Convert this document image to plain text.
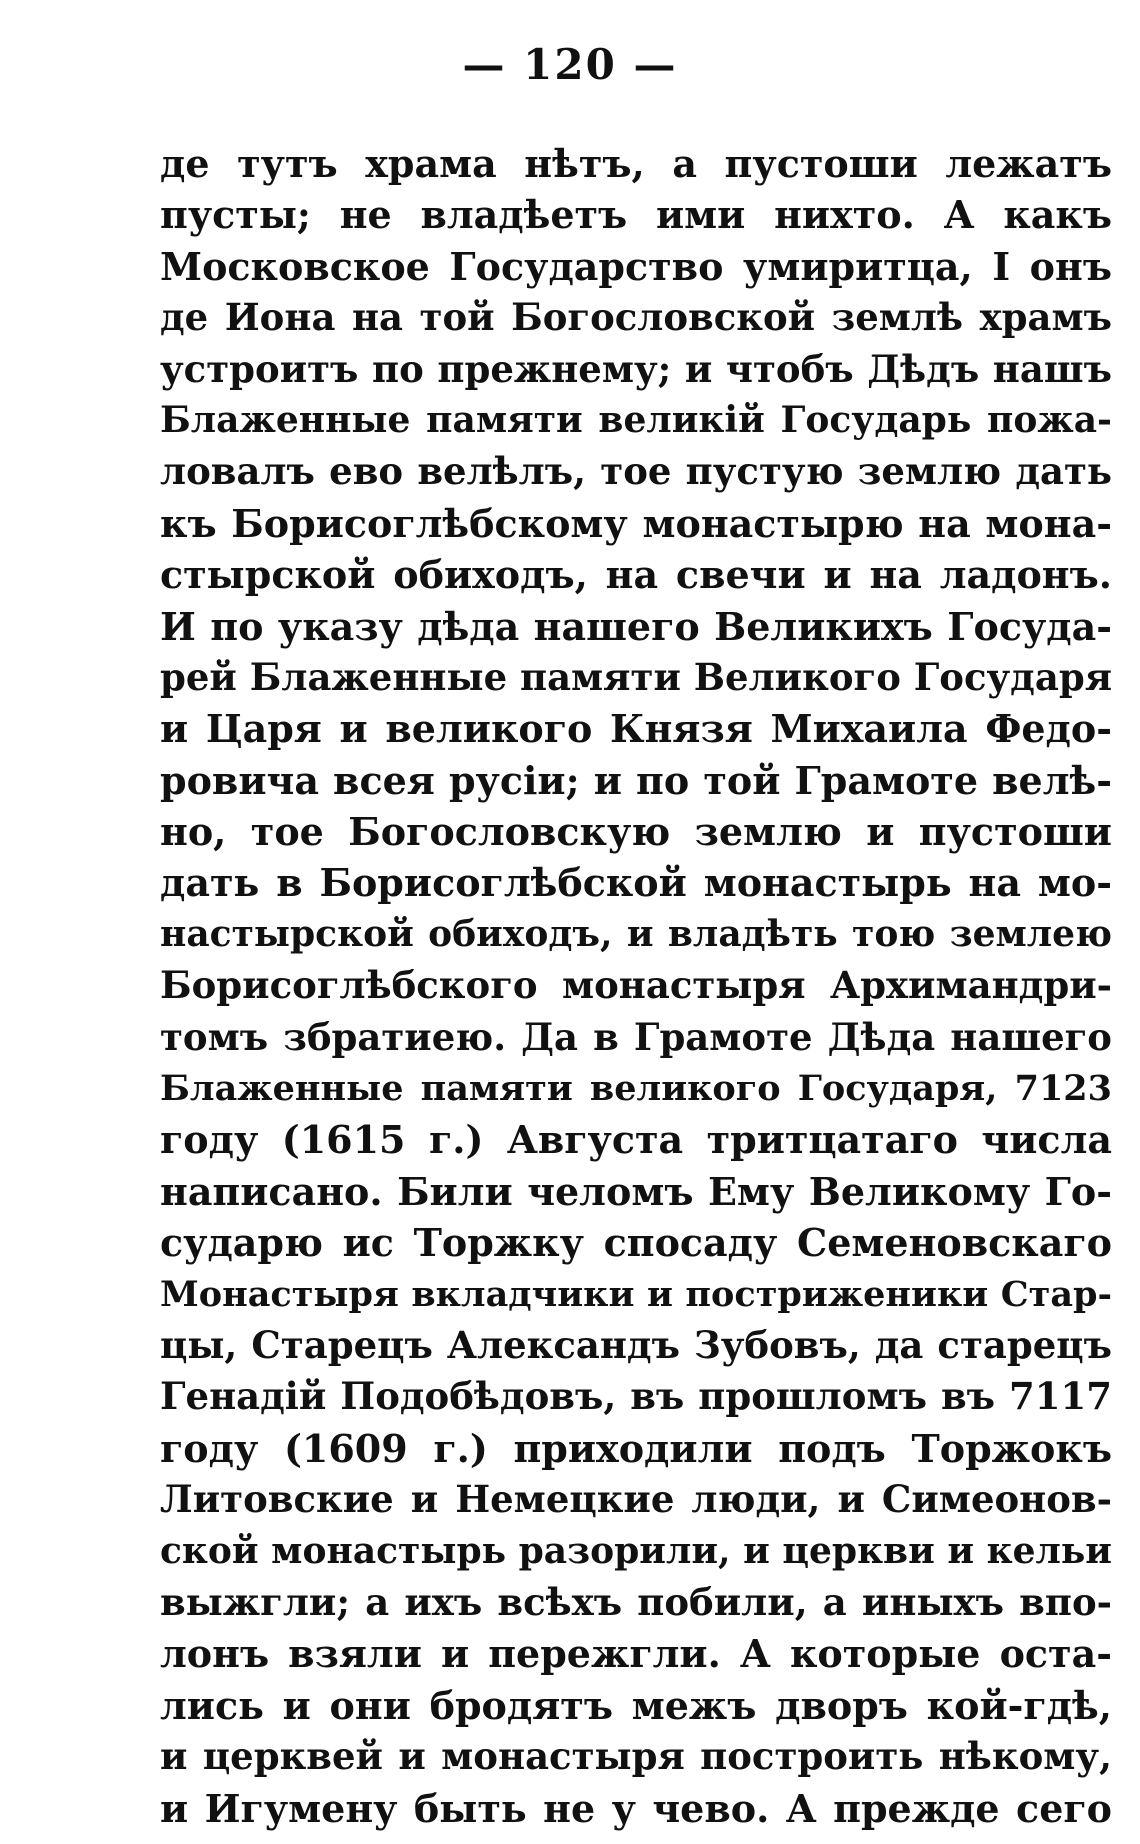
— 120 —
де тутъ храма нѣтъ, а пустоши лежатъ
пусты; не владѣетъ ими нихто. А какъ
Московское Государство умиритца, I онъ
де Иона на той Богословской землѣ храмъ
устроитъ по прежнему; и чтобъ Дѣдъ нашъ
Блаженные памяти великiй Государь пожа-
ловалъ ево велѣлъ, тое пустую землю дать
къ Борисоглѣбскому монастырю на мона-
стырской обиходъ, на свечи и на ладонъ.
И по указу дѣда нашего Великихъ Госуда-
рей Блаженные памяти Великого Государя
и Царя и великого Князя Михаила Федо-
ровича всея русiи; и по той Грамоте велѣ-
но, тое Богословскую землю и пустоши
дать в Борисоглѣбской монастырь на мо-
настырской обиходъ, и владѣть тою землею
Борисоглѣбского монастыря Архимандри-
томъ збратиею. Да в Грамоте Дѣда нашего
Блаженные памяти великого Государя, 7123
году (1615 г.) Августа тритцатаго числа
написано. Били челомъ Ему Великому Го-
сударю ис Торжку спосаду Семеновскаго
Монастыря вкладчики и постриженики Стар-
цы, Старецъ Александъ Зубовъ, да старецъ
Генадiй Подобѣдовъ, въ прошломъ въ 7117
году (1609 г.) приходили подъ Торжокъ
Литовские и Немецкие люди, и Симеонов-
ской монастырь разорили, и церкви и кельи
выжгли; а ихъ всѣхъ побили, а иныхъ впо-
лонъ взяли и пережгли. А которые оста-
лись и они бродятъ межъ дворъ кой-гдѣ,
и церквей и монастыря построить нѣкому,
и Игумену быть не у чево. А прежде сего
